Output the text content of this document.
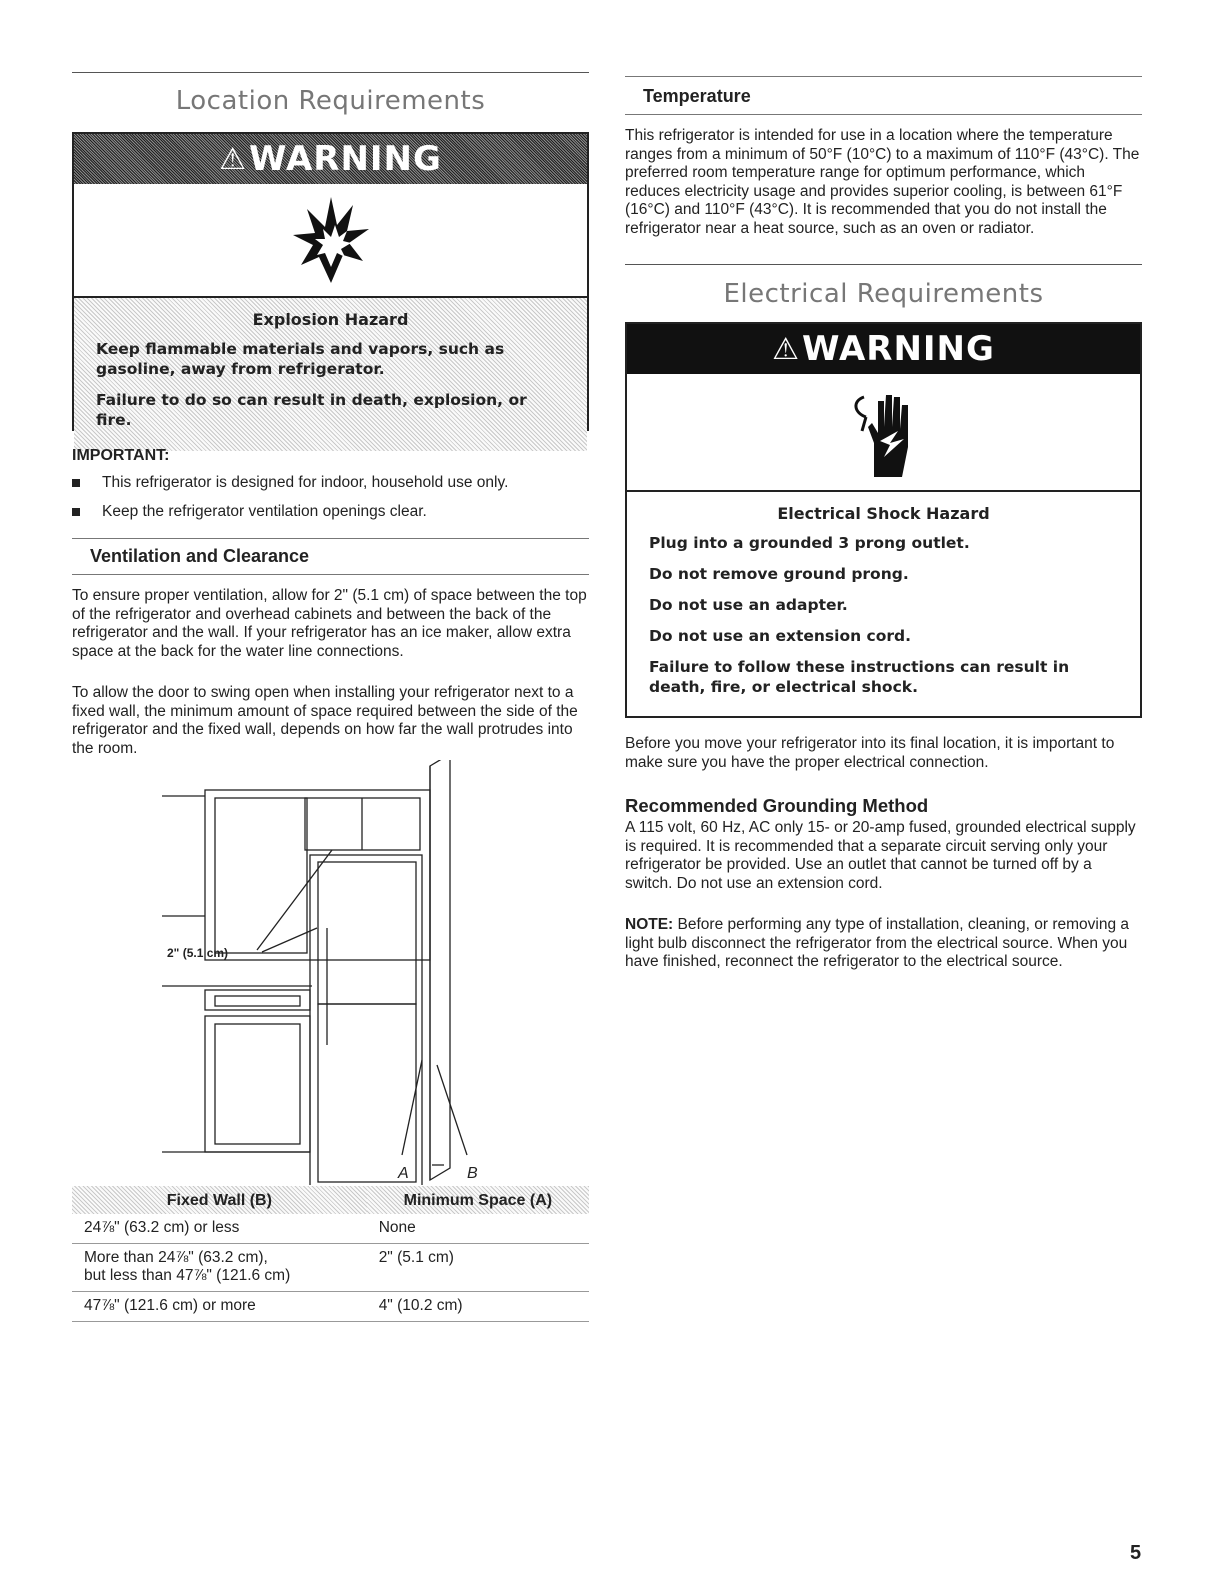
Location Requirements
⚠ WARNING
Explosion Hazard

Keep flammable materials and vapors, such as gasoline, away from refrigerator.

Failure to do so can result in death, explosion, or fire.

IMPORTANT:
This refrigerator is designed for indoor, household use only.
Keep the refrigerator ventilation openings clear.
Ventilation and Clearance

To ensure proper ventilation, allow for 2" (5.1 cm) of space between the top of the refrigerator and overhead cabinets and between the back of the refrigerator and the wall. If your refrigerator has an ice maker, allow extra space at the back for the water line connections.

To allow the door to swing open when installing your refrigerator next to a fixed wall, the minimum amount of space required between the side of the refrigerator and the fixed wall, depends on how far the wall protrudes into the room.

2" (5.1 cm)
A	B
Fixed Wall (B)	Minimum Space (A)
24⅞" (63.2 cm) or less	None
More than 24⅞" (63.2 cm),
but less than 47⅞" (121.6 cm)	2" (5.1 cm)
47⅞" (121.6 cm) or more	4" (10.2 cm)
Temperature

This refrigerator is intended for use in a location where the temperature ranges from a minimum of 50°F (10°C) to a maximum of 110°F (43°C). The preferred room temperature range for optimum performance, which reduces electricity usage and provides superior cooling, is between 61°F (16°C) and 110°F (43°C). It is recommended that you do not install the refrigerator near a heat source, such as an oven or radiator.

Electrical Requirements
⚠ WARNING
Electrical Shock Hazard

Plug into a grounded 3 prong outlet.

Do not remove ground prong.

Do not use an adapter.

Do not use an extension cord.

Failure to follow these instructions can result in death, fire, or electrical shock.

Before you move your refrigerator into its final location, it is important to make sure you have the proper electrical connection.

Recommended Grounding Method

A 115 volt, 60 Hz, AC only 15- or 20-amp fused, grounded electrical supply is required. It is recommended that a separate circuit serving only your refrigerator be provided. Use an outlet that cannot be turned off by a switch. Do not use an extension cord.

NOTE: Before performing any type of installation, cleaning, or removing a light bulb disconnect the refrigerator from the electrical source. When you have finished, reconnect the refrigerator to the electrical source.

5
